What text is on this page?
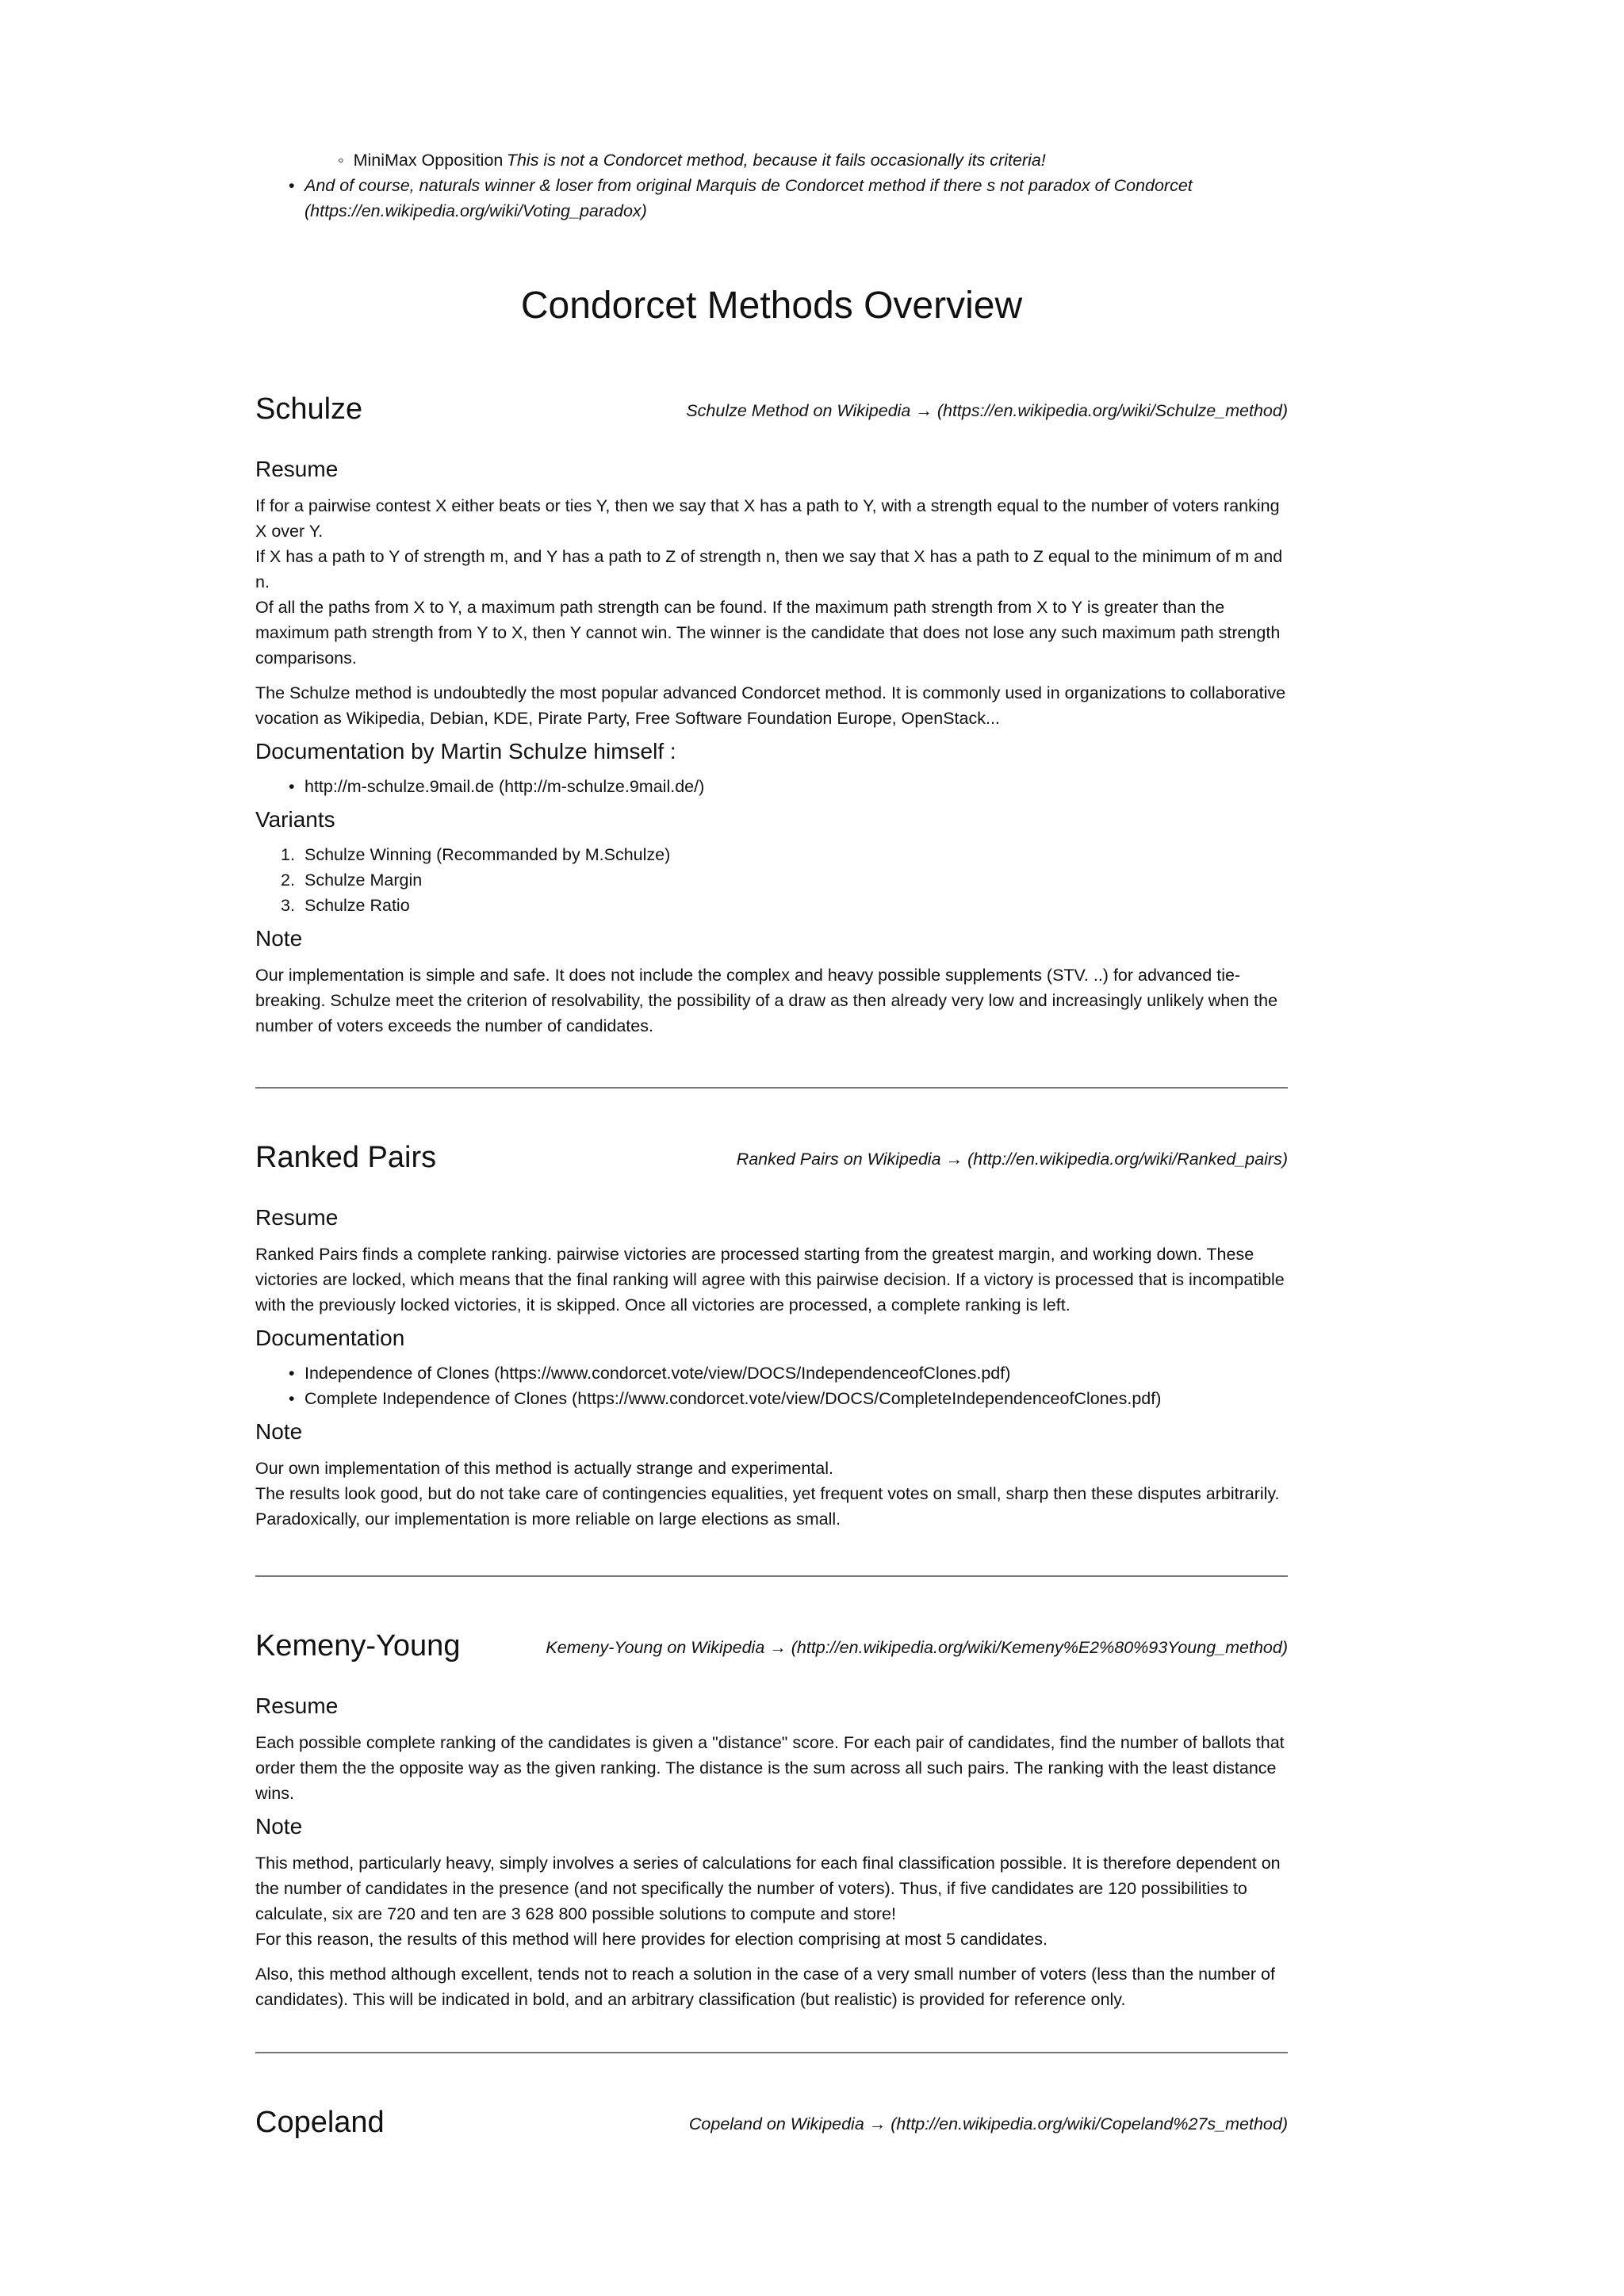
◦  MiniMax Opposition This is not a Condorcet method, because it fails occasionally its criteria!
• And of course, naturals winner & loser from original Marquis de Condorcet method if there s not paradox of Condorcet

(https://en.wikipedia.org/wiki/Voting_paradox)

Condorcet Methods Overview
Schulze	Schulze Method on Wikipedia → (https://en.wikipedia.org/wiki/Schulze_method)
Resume

If for a pairwise contest X either beats or ties Y, then we say that X has a path to Y, with a strength equal to the number of voters ranking X over Y.

If X has a path to Y of strength m, and Y has a path to Z of strength n, then we say that X has a path to Z equal to the minimum of m and n.

Of all the paths from X to Y, a maximum path strength can be found. If the maximum path strength from X to Y is greater than the maximum path strength from Y to X, then Y cannot win. The winner is the candidate that does not lose any such maximum path strength comparisons.

The Schulze method is undoubtedly the most popular advanced Condorcet method. It is commonly used in organizations to collaborative vocation as Wikipedia, Debian, KDE, Pirate Party, Free Software Foundation Europe, OpenStack...

Documentation by Martin Schulze himself :
• http://m-schulze.9mail.de (http://m-schulze.9mail.de/)
Variants
1. Schulze Winning (Recommanded by M.Schulze)
2. Schulze Margin
3. Schulze Ratio
Note

Our implementation is simple and safe. It does not include the complex and heavy possible supplements (STV. ..) for advanced tie-breaking. Schulze meet the criterion of resolvability, the possibility of a draw as then already very low and increasingly unlikely when the number of voters exceeds the number of candidates.

Ranked Pairs	Ranked Pairs on Wikipedia → (http://en.wikipedia.org/wiki/Ranked_pairs)
Resume

Ranked Pairs finds a complete ranking. pairwise victories are processed starting from the greatest margin, and working down. These victories are locked, which means that the final ranking will agree with this pairwise decision. If a victory is processed that is incompatible with the previously locked victories, it is skipped. Once all victories are processed, a complete ranking is left.

Documentation
• Independence of Clones (https://www.condorcet.vote/view/DOCS/IndependenceofClones.pdf)
• Complete Independence of Clones (https://www.condorcet.vote/view/DOCS/CompleteIndependenceofClones.pdf)
Note

Our own implementation of this method is actually strange and experimental.

The results look good, but do not take care of contingencies equalities, yet frequent votes on small, sharp then these disputes arbitrarily. Paradoxically, our implementation is more reliable on large elections as small.

Kemeny-Young	Kemeny-Young on Wikipedia → (http://en.wikipedia.org/wiki/Kemeny%E2%80%93Young_method)
Resume

Each possible complete ranking of the candidates is given a "distance" score. For each pair of candidates, find the number of ballots that order them the the opposite way as the given ranking. The distance is the sum across all such pairs. The ranking with the least distance wins.

Note

This method, particularly heavy, simply involves a series of calculations for each final classification possible. It is therefore dependent on the number of candidates in the presence (and not specifically the number of voters). Thus, if five candidates are 120 possibilities to calculate, six are 720 and ten are 3 628 800 possible solutions to compute and store!

For this reason, the results of this method will here provides for election comprising at most 5 candidates.

Also, this method although excellent, tends not to reach a solution in the case of a very small number of voters (less than the number of candidates). This will be indicated in bold, and an arbitrary classification (but realistic) is provided for reference only.

Copeland	Copeland on Wikipedia → (http://en.wikipedia.org/wiki/Copeland%27s_method)
